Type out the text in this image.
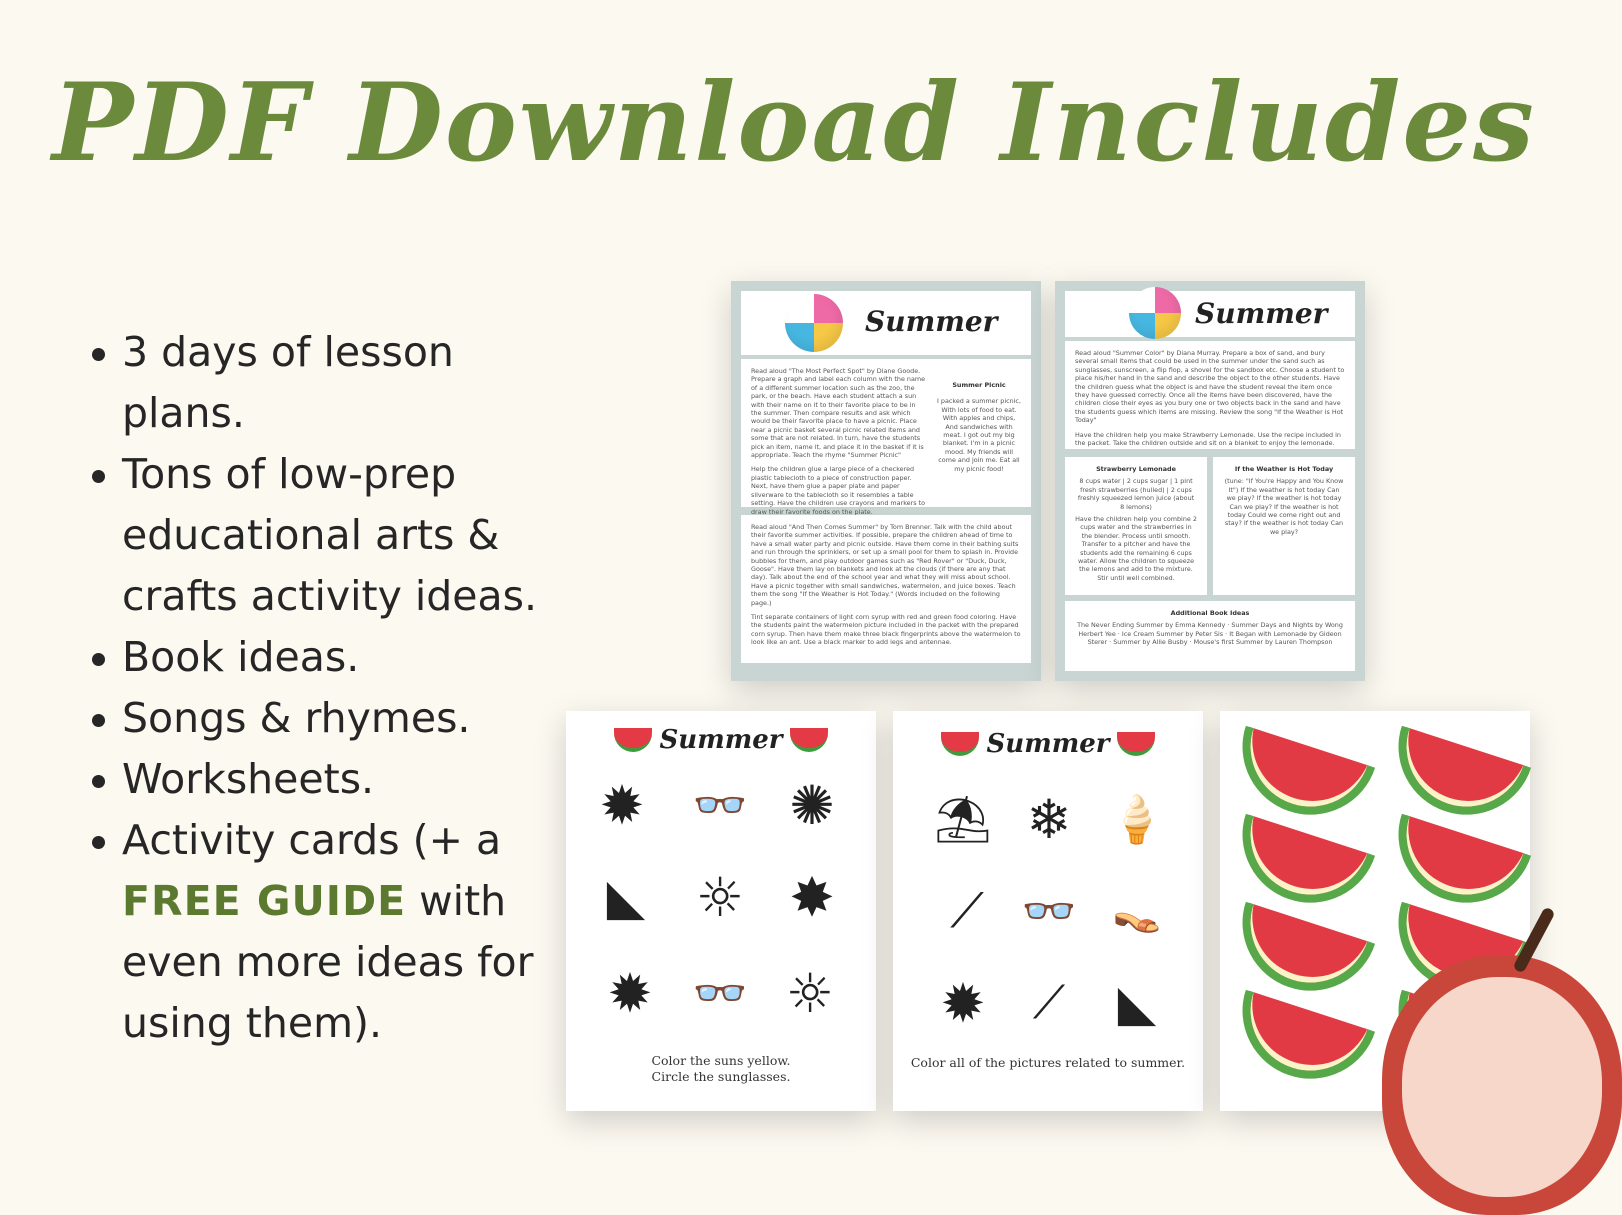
PDF Download Includes
3 days of lesson plans.
Tons of low-prep educational arts & crafts activity ideas.
Book ideas.
Songs & rhymes.
Worksheets.
Activity cards (+ a FREE GUIDE with even more ideas for using them).
Summer
Read aloud "The Most Perfect Spot" by Diane Goode. Prepare a graph and label each column with the name of a different summer location such as the zoo, the park, or the beach. Have each student attach a sun with their name on it to their favorite place to be in the summer. Then compare results and ask which would be their favorite place to have a picnic. Place near a picnic basket several picnic related items and some that are not related. In turn, have the students pick an item, name it, and place it in the basket if it is appropriate. Teach the rhyme "Summer Picnic"
Help the children glue a large piece of a checkered plastic tablecloth to a piece of construction paper. Next, have them glue a paper plate and paper silverware to the tablecloth so it resembles a table setting. Have the children use crayons and markers to draw their favorite foods on the plate.
Summer Picnic
I packed a summer picnic, With lots of food to eat. With apples and chips, And sandwiches with meat. I got out my big blanket. I'm in a picnic mood. My friends will come and join me. Eat all my picnic food!
Read aloud "And Then Comes Summer" by Tom Brenner. Talk with the child about their favorite summer activities. If possible, prepare the children ahead of time to have a small water party and picnic outside. Have them come in their bathing suits and run through the sprinklers, or set up a small pool for them to splash in. Provide bubbles for them, and play outdoor games such as "Red Rover" or "Duck, Duck, Goose". Have them lay on blankets and look at the clouds (if there are any that day). Talk about the end of the school year and what they will miss about school. Have a picnic together with small sandwiches, watermelon, and juice boxes. Teach them the song "If the Weather is Hot Today." (Words included on the following page.)
Tint separate containers of light corn syrup with red and green food coloring. Have the students paint the watermelon picture included in the packet with the prepared corn syrup. Then have them make three black fingerprints above the watermelon to look like an ant. Use a black marker to add legs and antennae.
Summer
Read aloud "Summer Color" by Diana Murray. Prepare a box of sand, and bury several small items that could be used in the summer under the sand such as sunglasses, sunscreen, a flip flop, a shovel for the sandbox etc. Choose a student to place his/her hand in the sand and describe the object to the other students. Have the children guess what the object is and have the student reveal the item once they have guessed correctly. Once all the items have been discovered, have the children close their eyes as you bury one or two objects back in the sand and have the students guess which items are missing. Review the song "If the Weather is Hot Today"
Have the children help you make Strawberry Lemonade. Use the recipe included in the packet. Take the children outside and sit on a blanket to enjoy the lemonade.
Strawberry Lemonade
8 cups water | 2 cups sugar | 1 pint fresh strawberries (hulled) | 2 cups freshly squeezed lemon juice (about 8 lemons)
Have the children help you combine 2 cups water and the strawberries in the blender. Process until smooth. Transfer to a pitcher and have the students add the remaining 6 cups water. Allow the children to squeeze the lemons and add to the mixture. Stir until well combined.
If the Weather is Hot Today
(tune: "If You're Happy and You Know It") If the weather is hot today Can we play? If the weather is hot today Can we play? If the weather is hot today Could we come right out and stay? If the weather is hot today Can we play?
Additional Book Ideas
The Never Ending Summer by Emma Kennedy · Summer Days and Nights by Wong Herbert Yee · Ice Cream Summer by Peter Sis · It Began with Lemonade by Gideon Sterer · Summer by Allie Busby · Mouse's first Summer by Lauren Thompson
Summer
✹	👓 ✺
◣ ☼ ✸
✹ 👓 ☼
Color the suns yellow.
Circle the sunglasses.
Summer
⛱ ❄ 🍦
⟋ 👓 👡
✹	⟋	◣
Color all of the pictures related to summer.
